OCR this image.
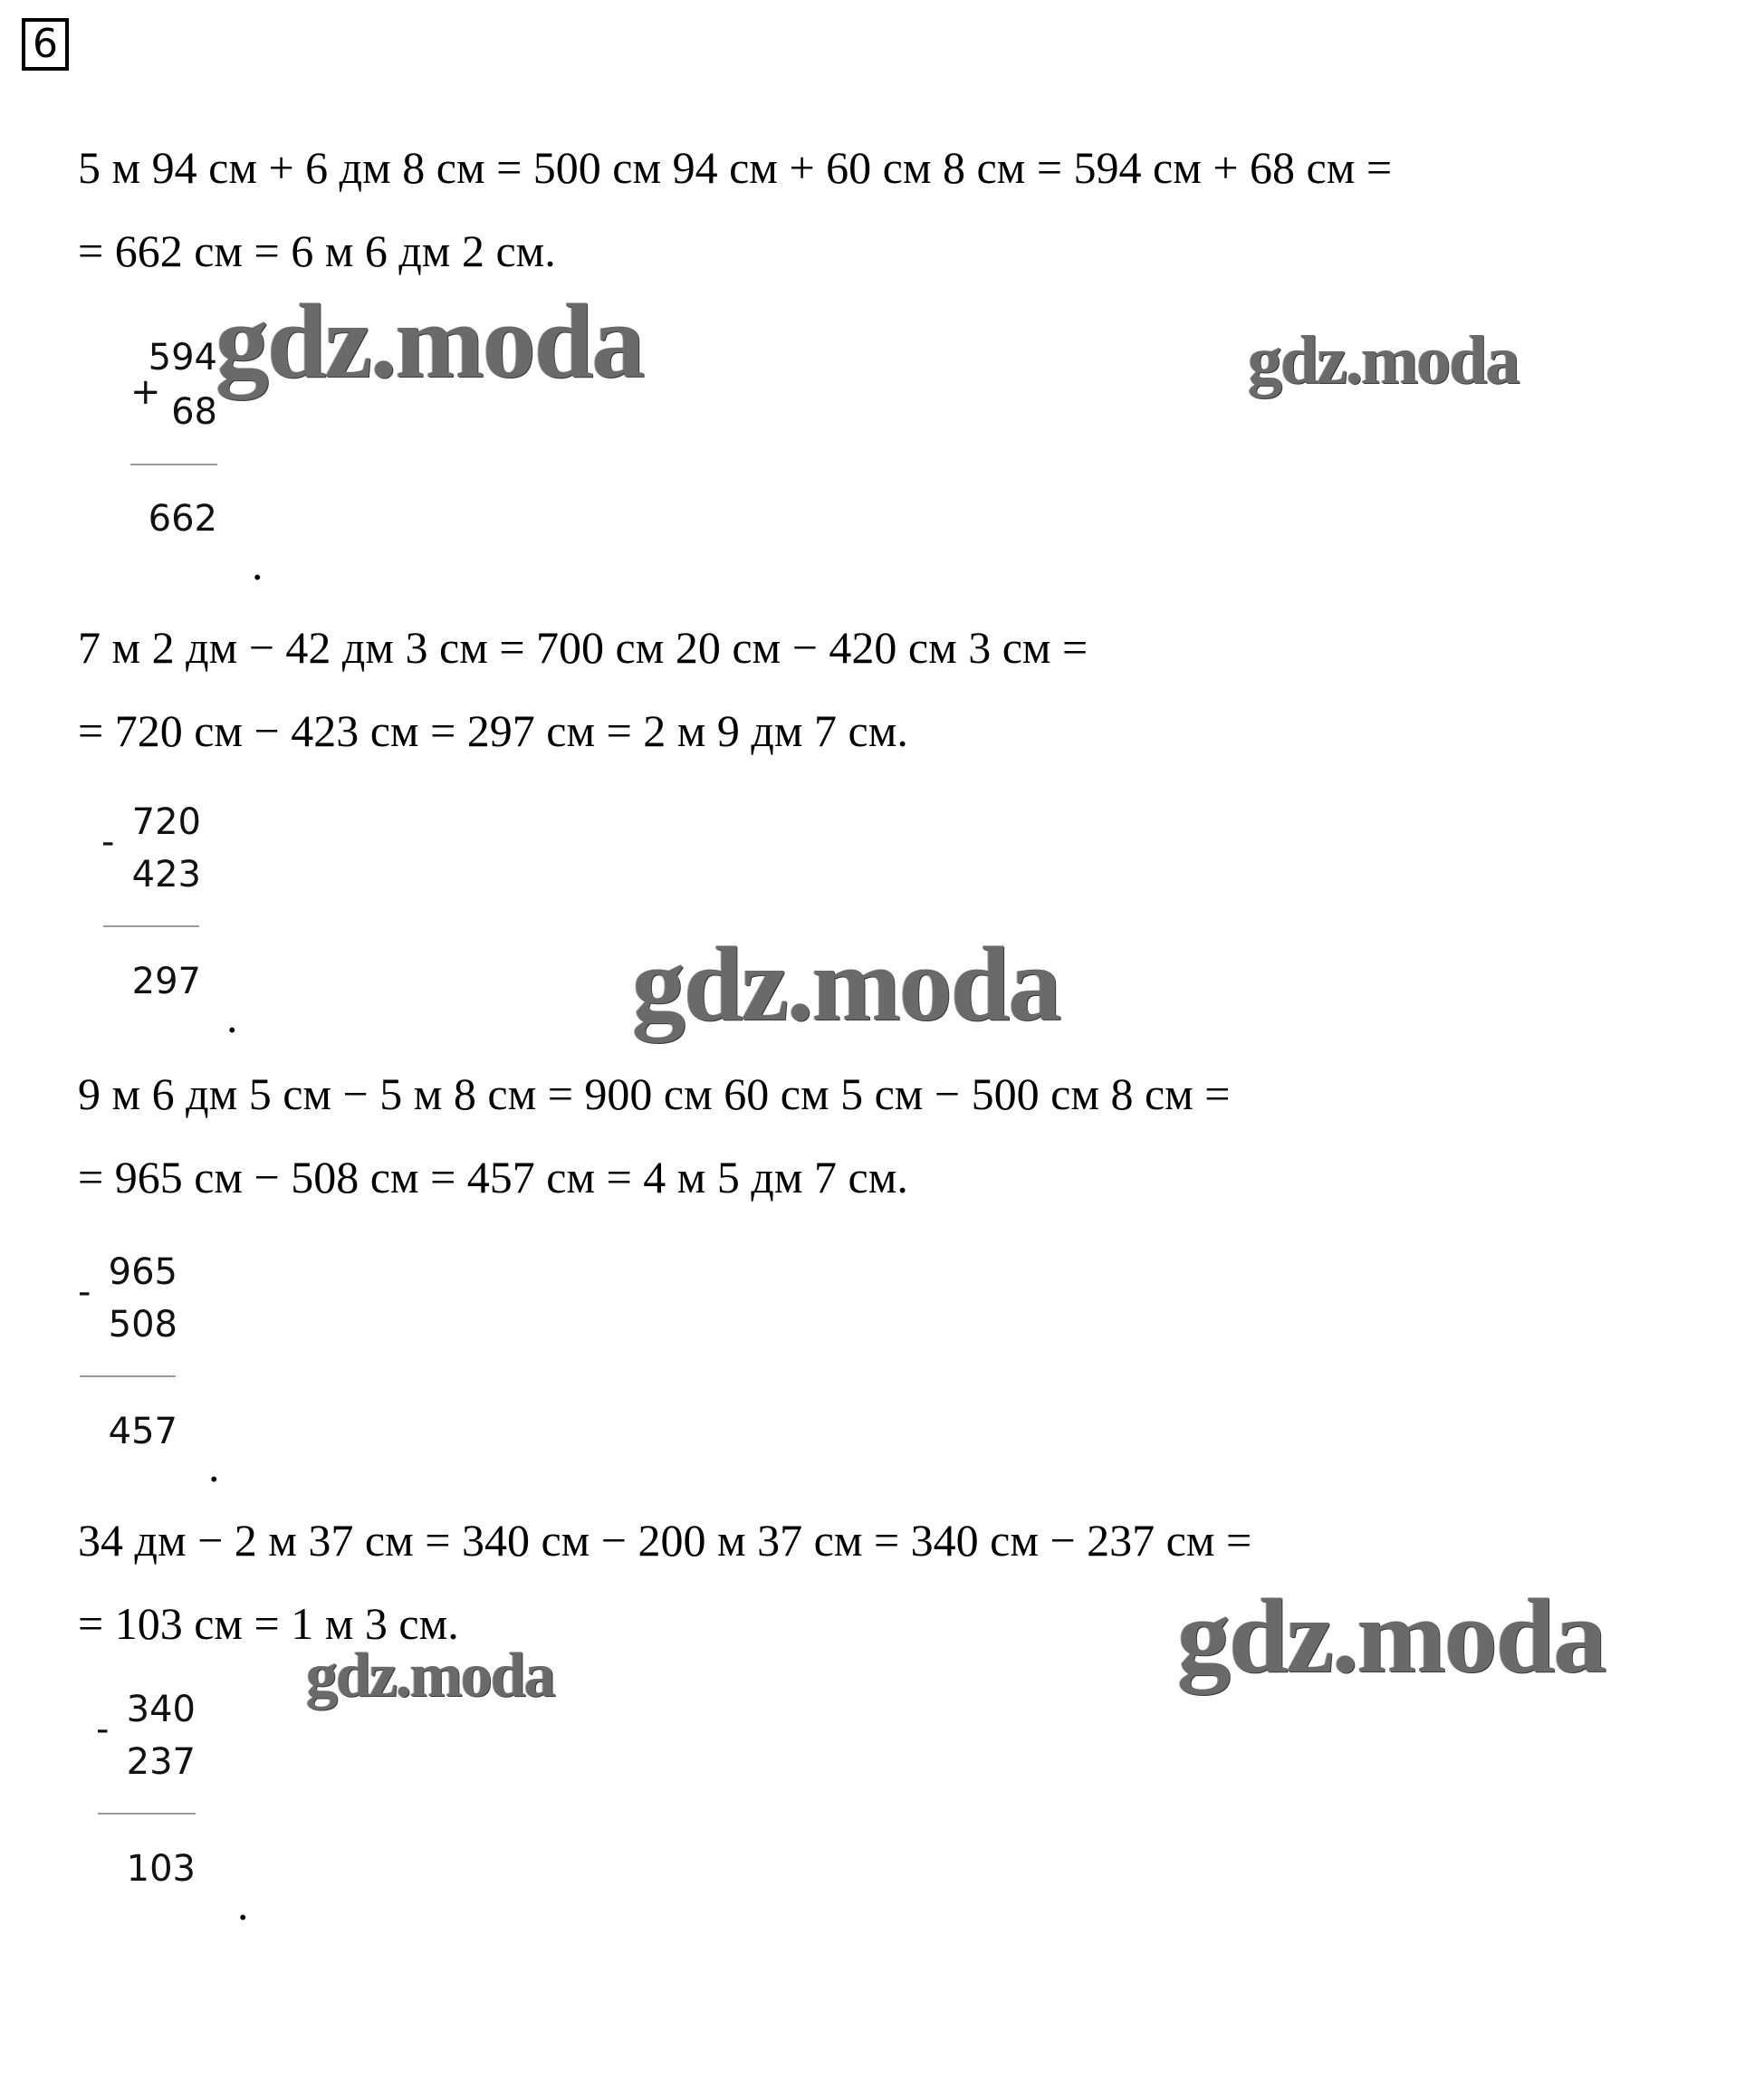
6
5 м 94 см + 6 дм 8 см = 500 см 94 см + 60 см 8 см = 594 см + 68 см =
= 662 см = 6 м 6 дм 2 см.
594
+ 68
662
.
7 м 2 дм − 42 дм 3 см = 700 см 20 см − 420 см 3 см =
= 720 см − 423 см = 297 см = 2 м 9 дм 7 см.
720
-
423
297
.
9 м 6 дм 5 см − 5 м 8 см = 900 см 60 см 5 см − 500 см 8 см =
= 965 см − 508 см = 457 см = 4 м 5 дм 7 см.
965
-
508
457
.
34 дм − 2 м 37 см = 340 см − 200 м 37 см = 340 см − 237 см =
= 103 см = 1 м 3 см.
340
-
237
103
.
gdz.moda	gdz.moda
gdz.moda
gdz.moda
gdz.moda
